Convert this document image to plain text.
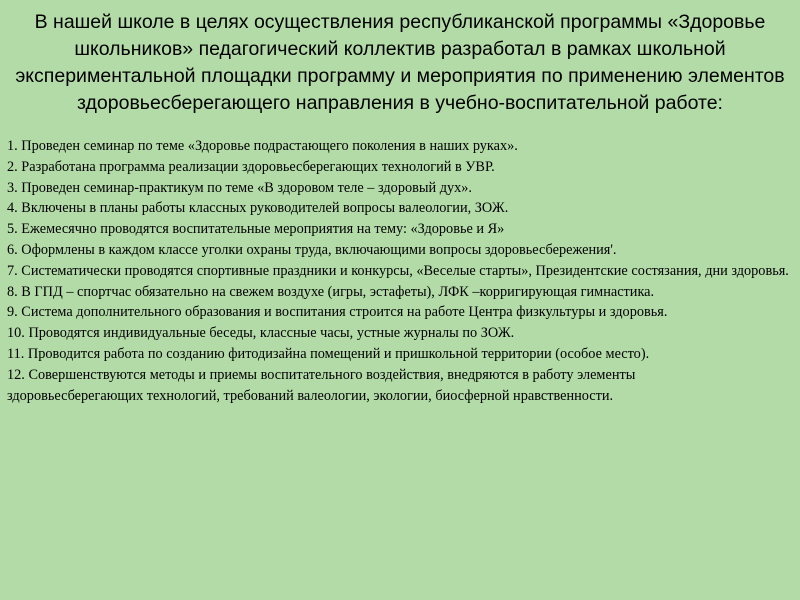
В нашей школе в целях осуществления республиканской программы «Здоровье школьников» педагогический коллектив разработал в рамках школьной экспериментальной площадки программу и мероприятия по применению элементов здоровьесберегающего направления в учебно-воспитательной работе:

1. Проведен семинар по теме «Здоровье подрастающего поколения в наших руках».
2. Разработана программа реализации здоровьесберегающих технологий в УВР.
3. Проведен семинар-практикум по теме «В здоровом теле – здоровый дух».
4. Включены в планы работы классных руководителей вопросы валеологии, ЗОЖ.
5. Ежемесячно проводятся воспитательные мероприятия на тему: «Здоровье и Я»
6. Оформлены в каждом классе уголки охраны труда, включающими вопросы здоровьесбережения'.
7. Систематически проводятся спортивные праздники и конкурсы, «Веселые старты», Президентские состязания, дни здоровья.
8. В ГПД – спортчас обязательно на свежем воздухе (игры, эстафеты), ЛФК –корригирующая гимнастика.
9. Система дополнительного образования и воспитания строится на работе Центра физкультуры и здоровья.
10. Проводятся индивидуальные беседы, классные часы, устные журналы по ЗОЖ.
11. Проводится работа по созданию фитодизайна помещений и пришкольной территории (особое место).
12. Совершенствуются методы и приемы воспитательного воздействия, внедряются в работу элементы
здоровьесберегающих технологий, требований валеологии, экологии, биосферной нравственности.
